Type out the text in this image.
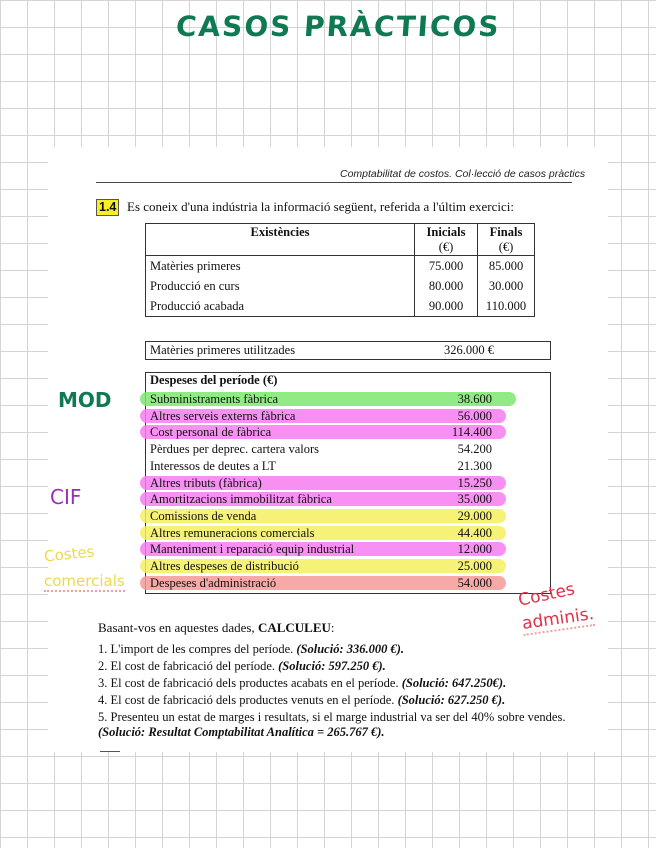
CASOS PRÀCTICOS
Comptabilitat de costos. Col·lecció de casos pràctics
1.4 Es coneix d'una indústria la informació següent, referida a l'últim exercici:
Existències	Inicials	Finals
	(€)	(€)
Matèries primeres	75.000	85.000
Producció en curs	80.000	30.000
Producció acabada	90.000	110.000
Matèries primeres utilitzades	326.000 €
Despeses del període (€)
Subministraments fàbrica	38.600
Altres serveis externs fàbrica	56.000
Cost personal de fàbrica	114.400
Pèrdues per deprec. cartera valors	54.200
Interessos de deutes a LT	21.300
Altres tributs (fàbrica)	15.250
Amortitzacions immobilitzat fàbrica	35.000
Comissions de venda	29.000
Altres remuneracions comercials	44.400
Manteniment i reparació equip industrial	12.000
Altres despeses de distribució	25.000
Despeses d'administració	54.000
MOD
CIF
Costes
comercials	Costes
adminis.
Basant-vos en aquestes dades, CALCULEU:
1. L'import de les compres del període. (Solució: 336.000 €).
2. El cost de fabricació del període. (Solució: 597.250 €).
3. El cost de fabricació dels productes acabats en el període. (Solució: 647.250€).
4. El cost de fabricació dels productes venuts en el període. (Solució: 627.250 €).
5. Presenteu un estat de marges i resultats, si el marge industrial va ser del 40% sobre vendes. (Solució: Resultat Comptabilitat Analítica = 265.767 €).
